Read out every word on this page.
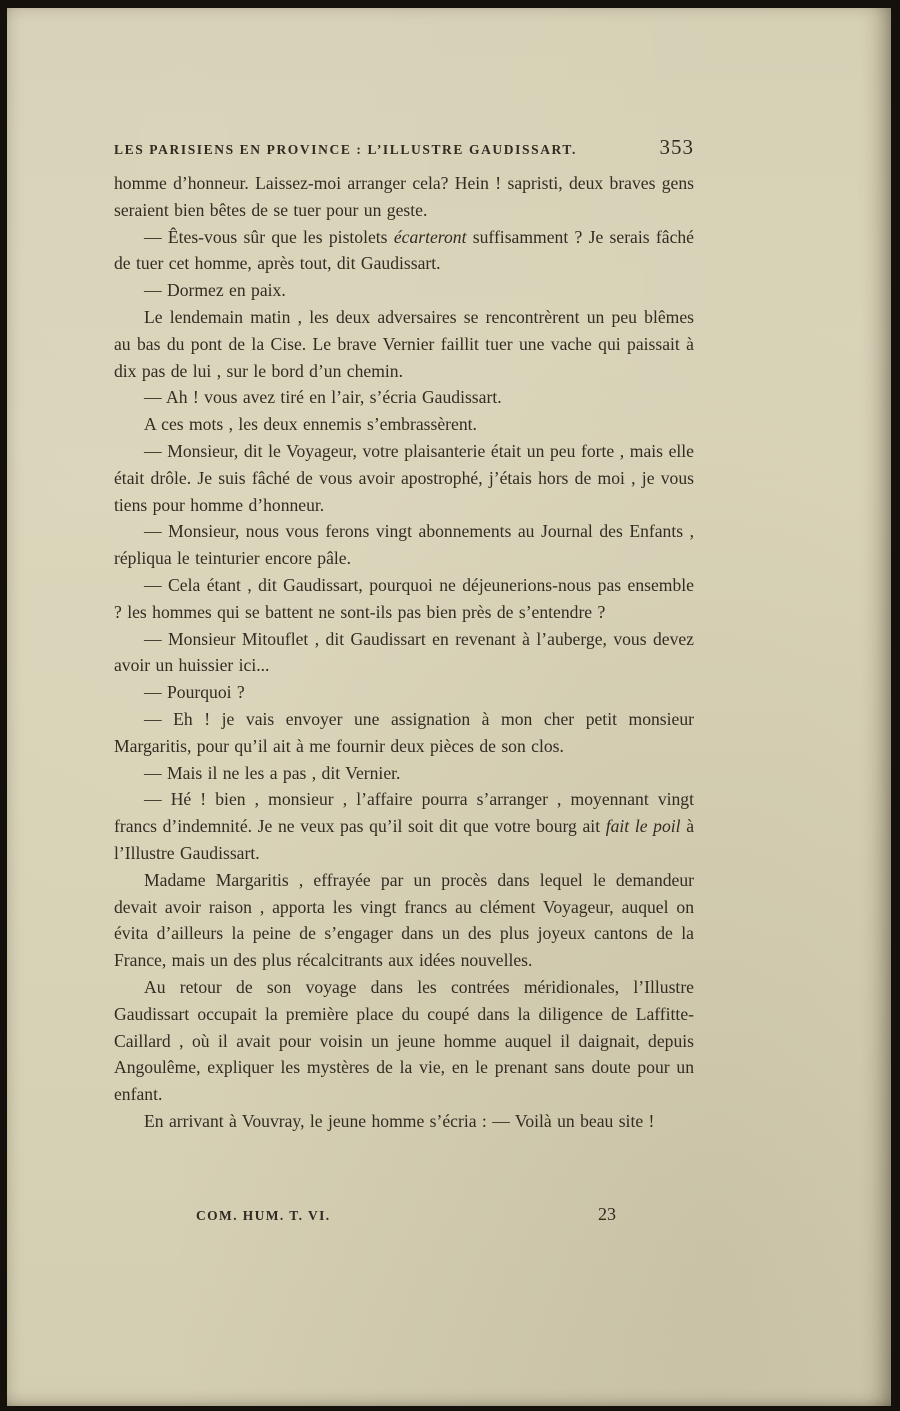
LES PARISIENS EN PROVINCE : L’ILLUSTRE GAUDISSART.	353

homme d’honneur. Laissez-moi arranger cela? Hein ! sapristi, deux braves gens seraient bien bêtes de se tuer pour un geste.

— Êtes-vous sûr que les pistolets écarteront suffisamment ? Je serais fâché de tuer cet homme, après tout, dit Gaudissart.

— Dormez en paix.

Le lendemain matin , les deux adversaires se rencontrèrent un peu blêmes au bas du pont de la Cise. Le brave Vernier faillit tuer une vache qui paissait à dix pas de lui , sur le bord d’un chemin.

— Ah ! vous avez tiré en l’air, s’écria Gaudissart.

A ces mots , les deux ennemis s’embrassèrent.

— Monsieur, dit le Voyageur, votre plaisanterie était un peu forte , mais elle était drôle. Je suis fâché de vous avoir apostrophé, j’étais hors de moi , je vous tiens pour homme d’honneur.

— Monsieur, nous vous ferons vingt abonnements au Journal des Enfants , répliqua le teinturier encore pâle.

— Cela étant , dit Gaudissart, pourquoi ne déjeunerions-nous pas ensemble ? les hommes qui se battent ne sont-ils pas bien près de s’entendre ?

— Monsieur Mitouflet , dit Gaudissart en revenant à l’auberge, vous devez avoir un huissier ici...

— Pourquoi ?

— Eh ! je vais envoyer une assignation à mon cher petit monsieur Margaritis, pour qu’il ait à me fournir deux pièces de son clos.

— Mais il ne les a pas , dit Vernier.

— Hé ! bien , monsieur , l’affaire pourra s’arranger , moyennant vingt francs d’indemnité. Je ne veux pas qu’il soit dit que votre bourg ait fait le poil à l’Illustre Gaudissart.

Madame Margaritis , effrayée par un procès dans lequel le demandeur devait avoir raison , apporta les vingt francs au clément Voyageur, auquel on évita d’ailleurs la peine de s’engager dans un des plus joyeux cantons de la France, mais un des plus récalcitrants aux idées nouvelles.

Au retour de son voyage dans les contrées méridionales, l’Illustre Gaudissart occupait la première place du coupé dans la diligence de Laffitte-Caillard , où il avait pour voisin un jeune homme auquel il daignait, depuis Angoulême, expliquer les mystères de la vie, en le prenant sans doute pour un enfant.

En arrivant à Vouvray, le jeune homme s’écria : — Voilà un beau site !

COM. HUM. T. VI.	23
